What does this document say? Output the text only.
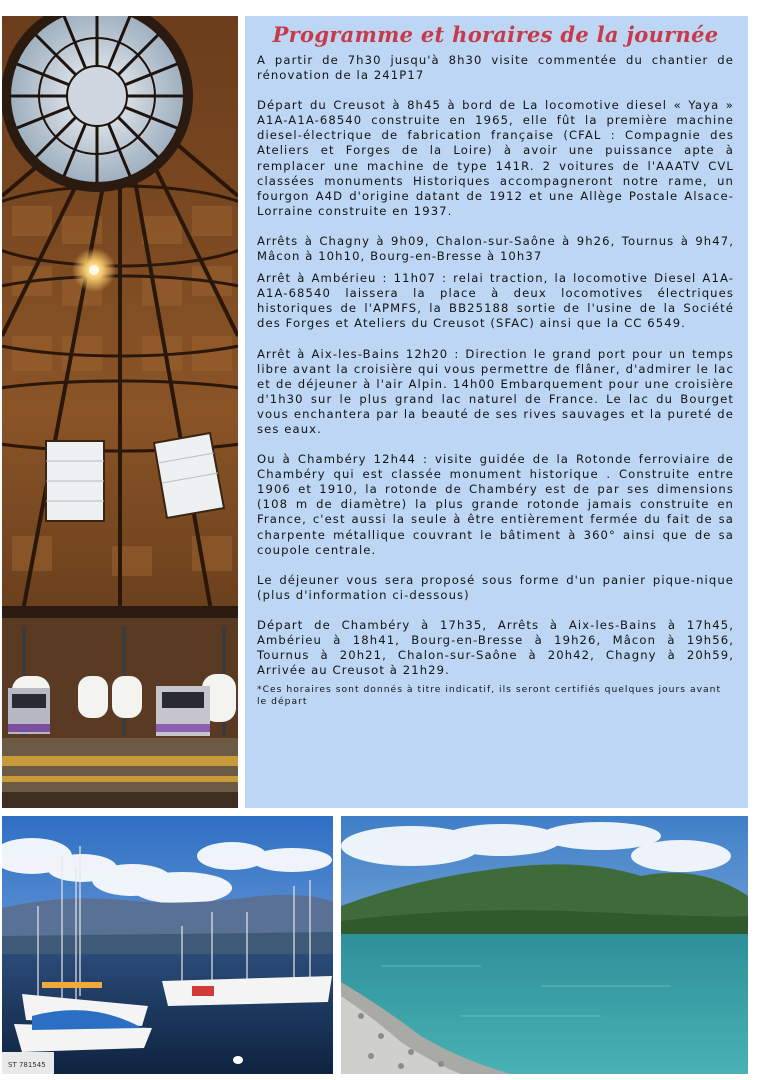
Programme et horaires de la journée

A partir de 7h30 jusqu'à 8h30 visite commentée du chantier de rénovation de la 241P17

Départ du Creusot à 8h45 à bord de La locomotive diesel « Yaya » A1A-A1A-68540 construite en 1965, elle fût la première machine diesel-électrique de fabrication française (CFAL : Compagnie des Ateliers et Forges de la Loire) à avoir une puissance apte à remplacer une machine de type 141R. 2 voitures de l'AAATV CVL classées monuments Historiques accompagneront notre rame, un fourgon A4D d'origine datant de 1912 et une Allège Postale Alsace-Lorraine construite en 1937.

Arrêts à Chagny à 9h09, Chalon-sur-Saône à 9h26, Tournus à 9h47, Mâcon à 10h10, Bourg-en-Bresse à 10h37

Arrêt à Ambérieu : 11h07 : relai traction, la locomotive Diesel A1A-A1A-68540 laissera la place à deux locomotives électriques historiques de l'APMFS, la BB25188 sortie de l'usine de la Société des Forges et Ateliers du Creusot (SFAC) ainsi que la CC 6549.

Arrêt à Aix-les-Bains 12h20 : Direction le grand port pour un temps libre avant la croisière qui vous permettre de flâner, d'admirer le lac et de déjeuner à l'air Alpin. 14h00 Embarquement pour une croisière d'1h30 sur le plus grand lac naturel de France. Le lac du Bourget vous enchantera par la beauté de ses rives sauvages et la pureté de ses eaux.

Ou à Chambéry 12h44 : visite guidée de la Rotonde ferroviaire de Chambéry qui est classée monument historique . Construite entre 1906 et 1910, la rotonde de Chambéry est de par ses dimensions (108 m de diamètre) la plus grande rotonde jamais construite en France, c'est aussi la seule à être entièrement fermée du fait de sa charpente métallique couvrant le bâtiment à 360° ainsi que de sa coupole centrale.

Le déjeuner vous sera proposé sous forme d'un panier pique-nique (plus d'information ci-dessous)

Départ de Chambéry à 17h35, Arrêts à Aix-les-Bains à 17h45, Ambérieu à 18h41, Bourg-en-Bresse à 19h26, Mâcon à 19h56, Tournus à 20h21, Chalon-sur-Saône à 20h42, Chagny à 20h59, Arrivée au Creusot à 21h29.

*Ces horaires sont donnés à titre indicatif, ils seront certifiés quelques jours avant le départ
ST 781545
